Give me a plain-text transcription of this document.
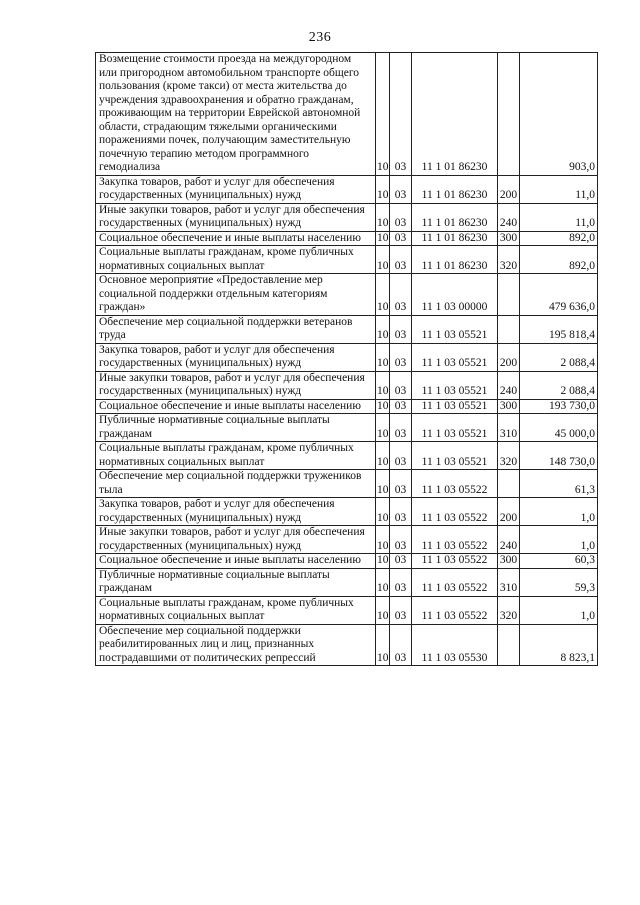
236
Возмещение стоимости проезда на междугородном или пригородном автомобильном транспорте общего пользования (кроме такси) от места жительства до учреждения здравоохранения и обратно гражданам, проживающим на территории Еврейской автономной области, страдающим тяжелыми органическими поражениями почек, получающим заместительную почечную терапию методом программного гемодиализа	10	03	11 1 01 86230		903,0
Закупка товаров, работ и услуг для обеспечения государственных (муниципальных) нужд	10	03	11 1 01 86230	200	11,0
Иные закупки товаров, работ и услуг для обеспечения государственных (муниципальных) нужд	10	03	11 1 01 86230	240	11,0
Социальное обеспечение и иные выплаты населению	10	03	11 1 01 86230	300	892,0
Социальные выплаты гражданам, кроме публичных нормативных социальных выплат	10	03	11 1 01 86230	320	892,0
Основное мероприятие «Предоставление мер социальной поддержки отдельным категориям граждан»	10	03	11 1 03 00000		479 636,0
Обеспечение мер социальной поддержки ветеранов труда	10	03	11 1 03 05521		195 818,4
Закупка товаров, работ и услуг для обеспечения государственных (муниципальных) нужд	10	03	11 1 03 05521	200	2 088,4
Иные закупки товаров, работ и услуг для обеспечения государственных (муниципальных) нужд	10	03	11 1 03 05521	240	2 088,4
Социальное обеспечение и иные выплаты населению	10	03	11 1 03 05521	300	193 730,0
Публичные нормативные социальные выплаты гражданам	10	03	11 1 03 05521	310	45 000,0
Социальные выплаты гражданам, кроме публичных нормативных социальных выплат	10	03	11 1 03 05521	320	148 730,0
Обеспечение мер социальной поддержки тружеников тыла	10	03	11 1 03 05522		61,3
Закупка товаров, работ и услуг для обеспечения государственных (муниципальных) нужд	10	03	11 1 03 05522	200	1,0
Иные закупки товаров, работ и услуг для обеспечения государственных (муниципальных) нужд	10	03	11 1 03 05522	240	1,0
Социальное обеспечение и иные выплаты населению	10	03	11 1 03 05522	300	60,3
Публичные нормативные социальные выплаты гражданам	10	03	11 1 03 05522	310	59,3
Социальные выплаты гражданам, кроме публичных нормативных социальных выплат	10	03	11 1 03 05522	320	1,0
Обеспечение мер социальной поддержки реабилитированных лиц и лиц, признанных пострадавшими от политических репрессий	10	03	11 1 03 05530		8 823,1
